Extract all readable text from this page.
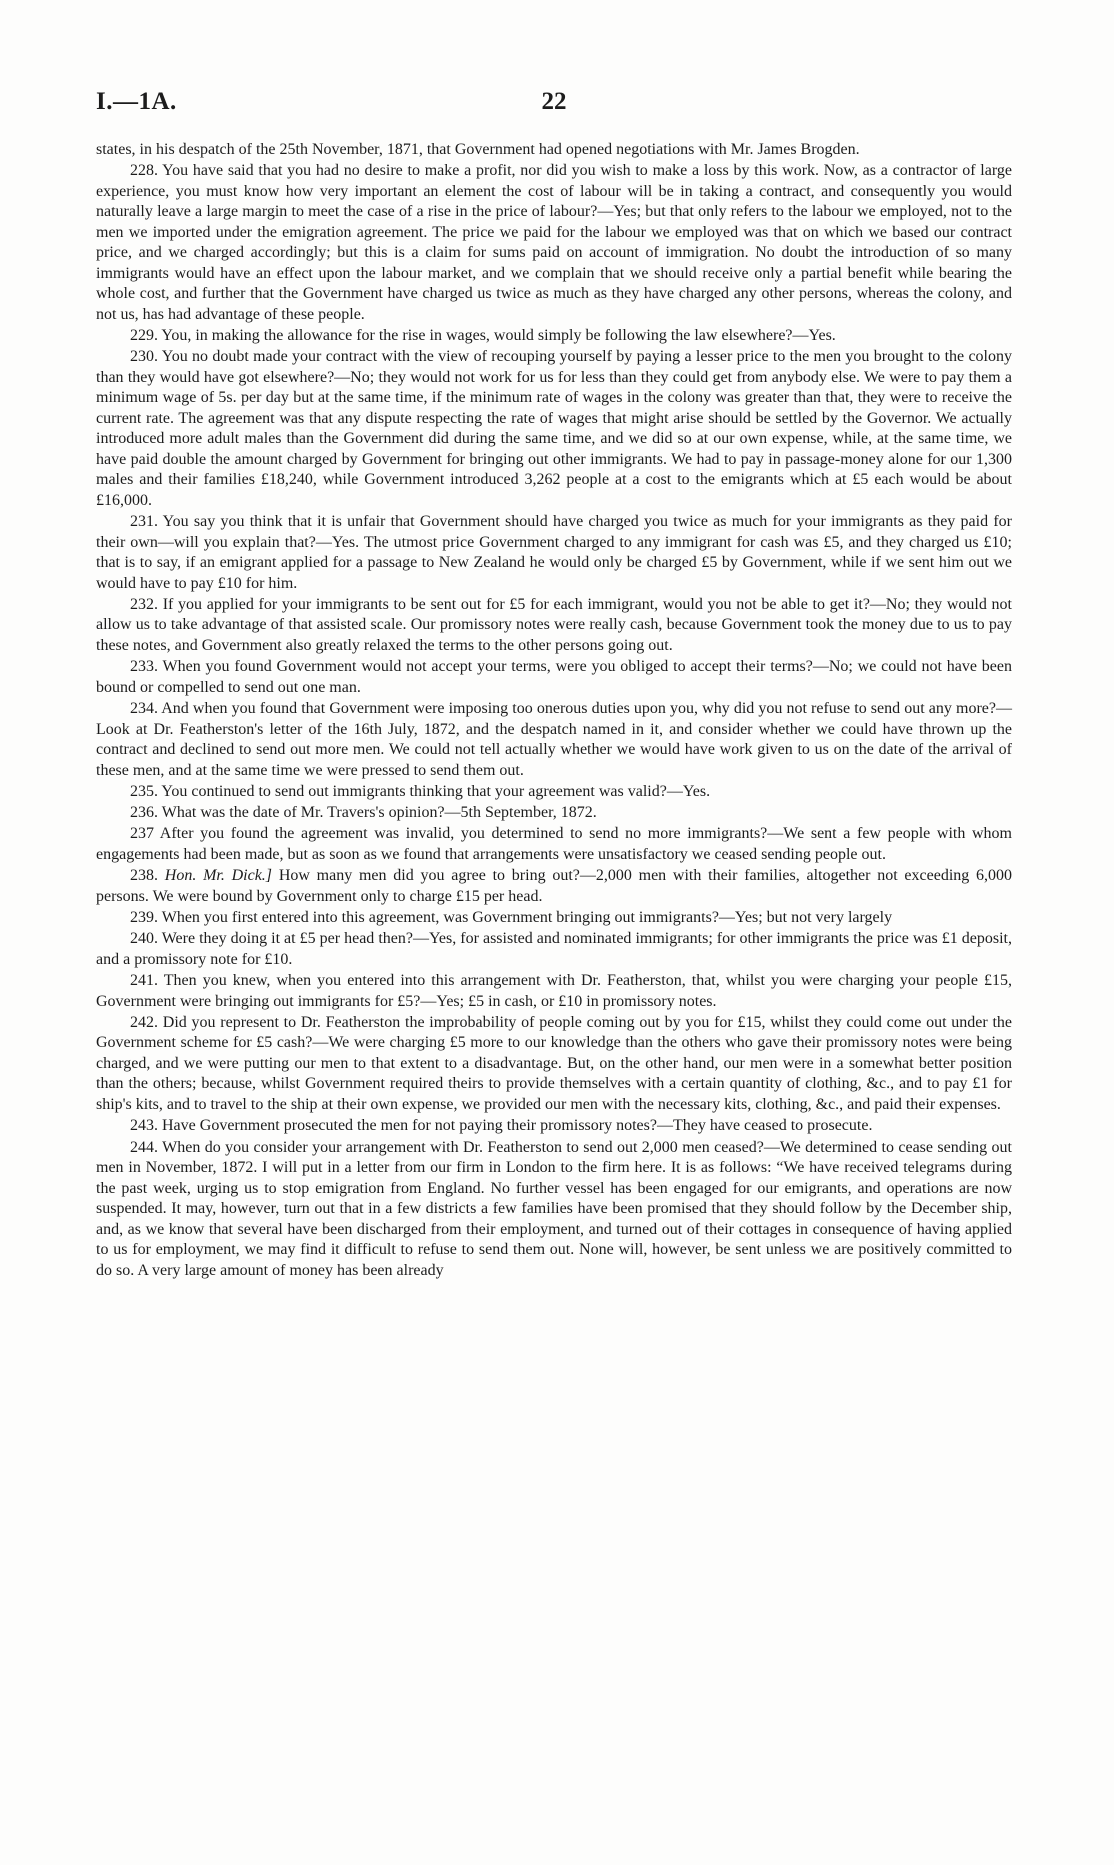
I.—1A.	22

states, in his despatch of the 25th November, 1871, that Government had opened negotiations with Mr. James Brogden.

228. You have said that you had no desire to make a profit, nor did you wish to make a loss by this work. Now, as a contractor of large experience, you must know how very important an element the cost of labour will be in taking a contract, and consequently you would naturally leave a large margin to meet the case of a rise in the price of labour?—Yes; but that only refers to the labour we employed, not to the men we imported under the emigration agreement. The price we paid for the labour we employed was that on which we based our contract price, and we charged accordingly; but this is a claim for sums paid on account of immigration. No doubt the introduction of so many immigrants would have an effect upon the labour market, and we complain that we should receive only a partial benefit while bearing the whole cost, and further that the Government have charged us twice as much as they have charged any other persons, whereas the colony, and not us, has had advantage of these people.

229. You, in making the allowance for the rise in wages, would simply be following the law elsewhere?—Yes.

230. You no doubt made your contract with the view of recouping yourself by paying a lesser price to the men you brought to the colony than they would have got elsewhere?—No; they would not work for us for less than they could get from anybody else. We were to pay them a minimum wage of 5s. per day but at the same time, if the minimum rate of wages in the colony was greater than that, they were to receive the current rate. The agreement was that any dispute respecting the rate of wages that might arise should be settled by the Governor. We actually introduced more adult males than the Government did during the same time, and we did so at our own expense, while, at the same time, we have paid double the amount charged by Government for bringing out other immigrants. We had to pay in passage-money alone for our 1,300 males and their families £18,240, while Government introduced 3,262 people at a cost to the emigrants which at £5 each would be about £16,000.

231. You say you think that it is unfair that Government should have charged you twice as much for your immigrants as they paid for their own—will you explain that?—Yes. The utmost price Government charged to any immigrant for cash was £5, and they charged us £10; that is to say, if an emigrant applied for a passage to New Zealand he would only be charged £5 by Government, while if we sent him out we would have to pay £10 for him.

232. If you applied for your immigrants to be sent out for £5 for each immigrant, would you not be able to get it?—No; they would not allow us to take advantage of that assisted scale. Our promissory notes were really cash, because Government took the money due to us to pay these notes, and Government also greatly relaxed the terms to the other persons going out.

233. When you found Government would not accept your terms, were you obliged to accept their terms?—No; we could not have been bound or compelled to send out one man.

234. And when you found that Government were imposing too onerous duties upon you, why did you not refuse to send out any more?—Look at Dr. Featherston's letter of the 16th July, 1872, and the despatch named in it, and consider whether we could have thrown up the contract and declined to send out more men. We could not tell actually whether we would have work given to us on the date of the arrival of these men, and at the same time we were pressed to send them out.

235. You continued to send out immigrants thinking that your agreement was valid?—Yes.

236. What was the date of Mr. Travers's opinion?—5th September, 1872.

237 After you found the agreement was invalid, you determined to send no more immigrants?—We sent a few people with whom engagements had been made, but as soon as we found that arrangements were unsatisfactory we ceased sending people out.

238. Hon. Mr. Dick.] How many men did you agree to bring out?—2,000 men with their families, altogether not exceeding 6,000 persons. We were bound by Government only to charge £15 per head.

239. When you first entered into this agreement, was Government bringing out immigrants?—Yes; but not very largely

240. Were they doing it at £5 per head then?—Yes, for assisted and nominated immigrants; for other immigrants the price was £1 deposit, and a promissory note for £10.

241. Then you knew, when you entered into this arrangement with Dr. Featherston, that, whilst you were charging your people £15, Government were bringing out immigrants for £5?—Yes; £5 in cash, or £10 in promissory notes.

242. Did you represent to Dr. Featherston the improbability of people coming out by you for £15, whilst they could come out under the Government scheme for £5 cash?—We were charging £5 more to our knowledge than the others who gave their promissory notes were being charged, and we were putting our men to that extent to a disadvantage. But, on the other hand, our men were in a somewhat better position than the others; because, whilst Government required theirs to provide themselves with a certain quantity of clothing, &c., and to pay £1 for ship's kits, and to travel to the ship at their own expense, we provided our men with the necessary kits, clothing, &c., and paid their expenses.

243. Have Government prosecuted the men for not paying their promissory notes?—They have ceased to prosecute.

244. When do you consider your arrangement with Dr. Featherston to send out 2,000 men ceased?—We determined to cease sending out men in November, 1872. I will put in a letter from our firm in London to the firm here. It is as follows: “We have received telegrams during the past week, urging us to stop emigration from England. No further vessel has been engaged for our emigrants, and operations are now suspended. It may, however, turn out that in a few districts a few families have been promised that they should follow by the December ship, and, as we know that several have been discharged from their employment, and turned out of their cottages in consequence of having applied to us for employment, we may find it difficult to refuse to send them out. None will, however, be sent unless we are positively committed to do so. A very large amount of money has been already
